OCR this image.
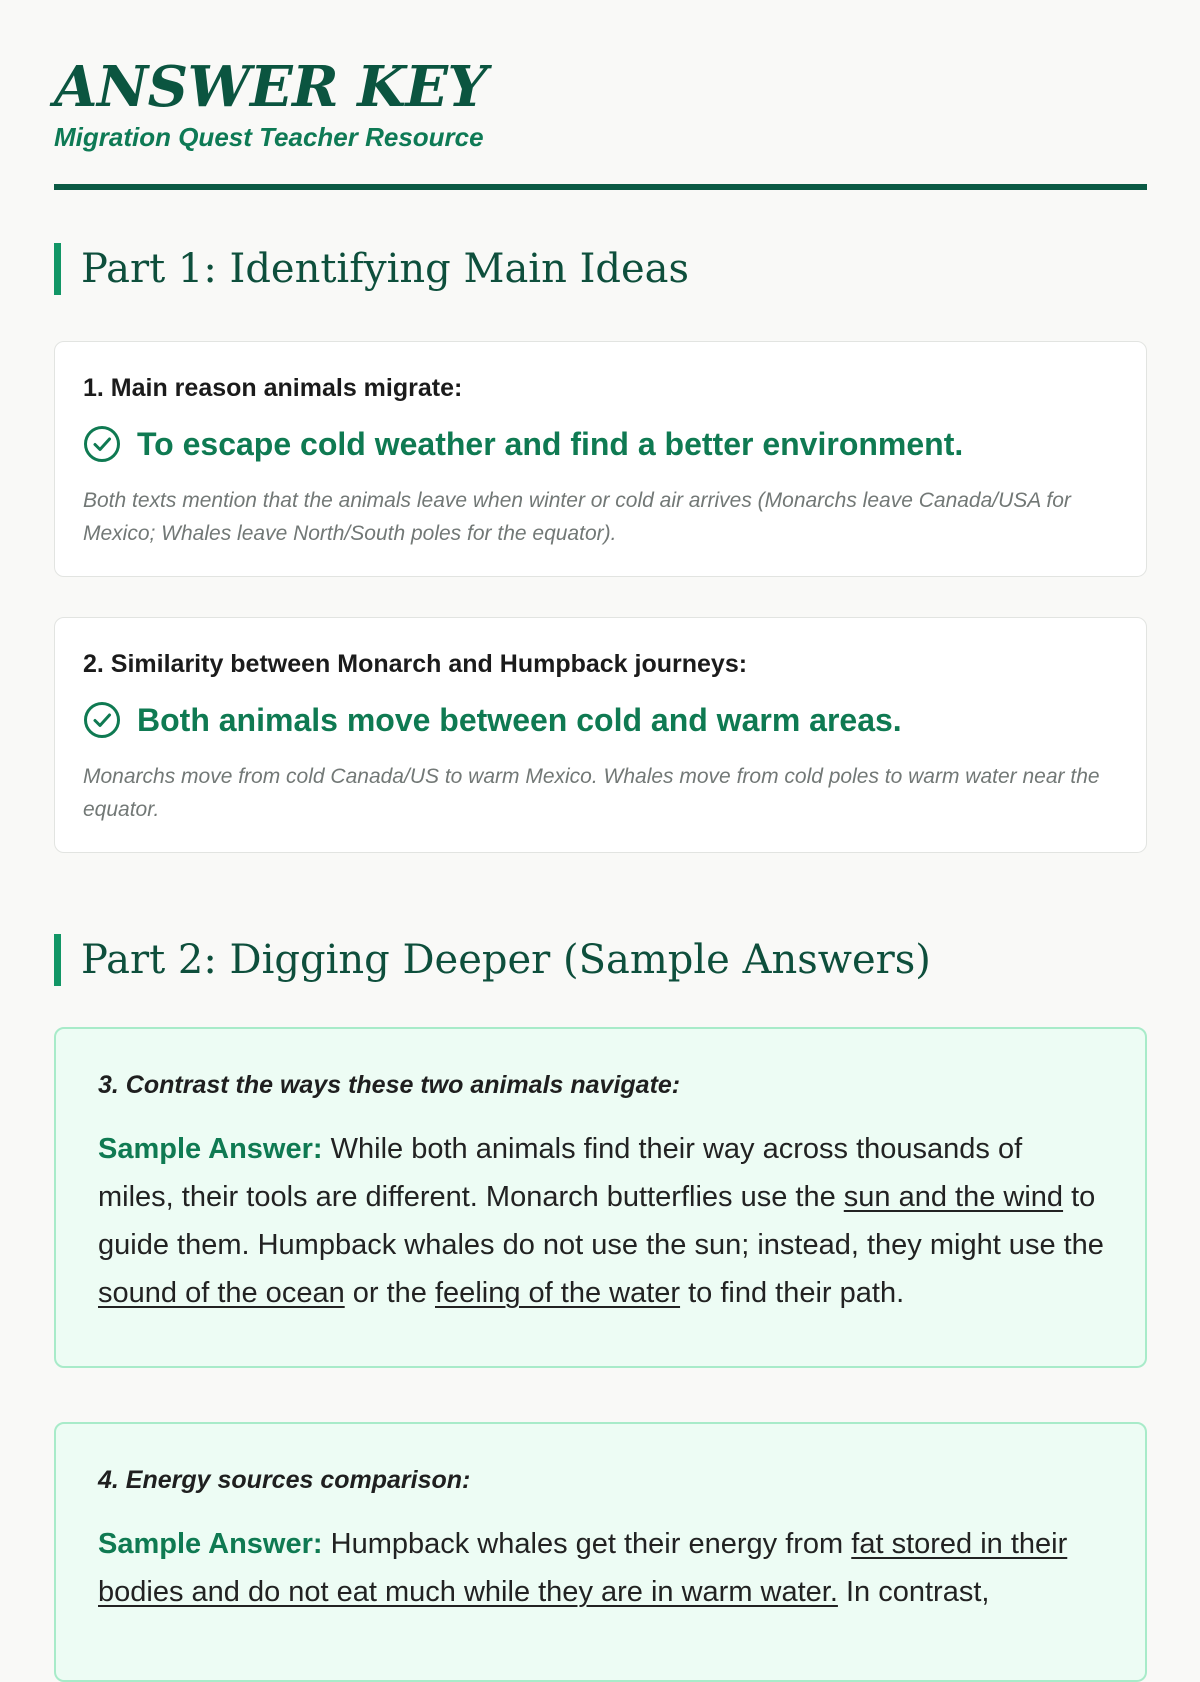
ANSWER KEY
Migration Quest Teacher Resource
Part 1: Identifying Main Ideas
1. Main reason animals migrate:
To escape cold weather and find a better environment.
Both texts mention that the animals leave when winter or cold air arrives (Monarchs leave Canada/USA for Mexico; Whales leave North/South poles for the equator).
2. Similarity between Monarch and Humpback journeys:
Both animals move between cold and warm areas.
Monarchs move from cold Canada/US to warm Mexico. Whales move from cold poles to warm water near the equator.
Part 2: Digging Deeper (Sample Answers)
3. Contrast the ways these two animals navigate:
Sample Answer: While both animals find their way across thousands of miles, their tools are different. Monarch butterflies use the sun and the wind to guide them. Humpback whales do not use the sun; instead, they might use the sound of the ocean or the feeling of the water to find their path.
4. Energy sources comparison:
Sample Answer: Humpback whales get their energy from fat stored in their bodies and do not eat much while they are in warm water. In contrast,
